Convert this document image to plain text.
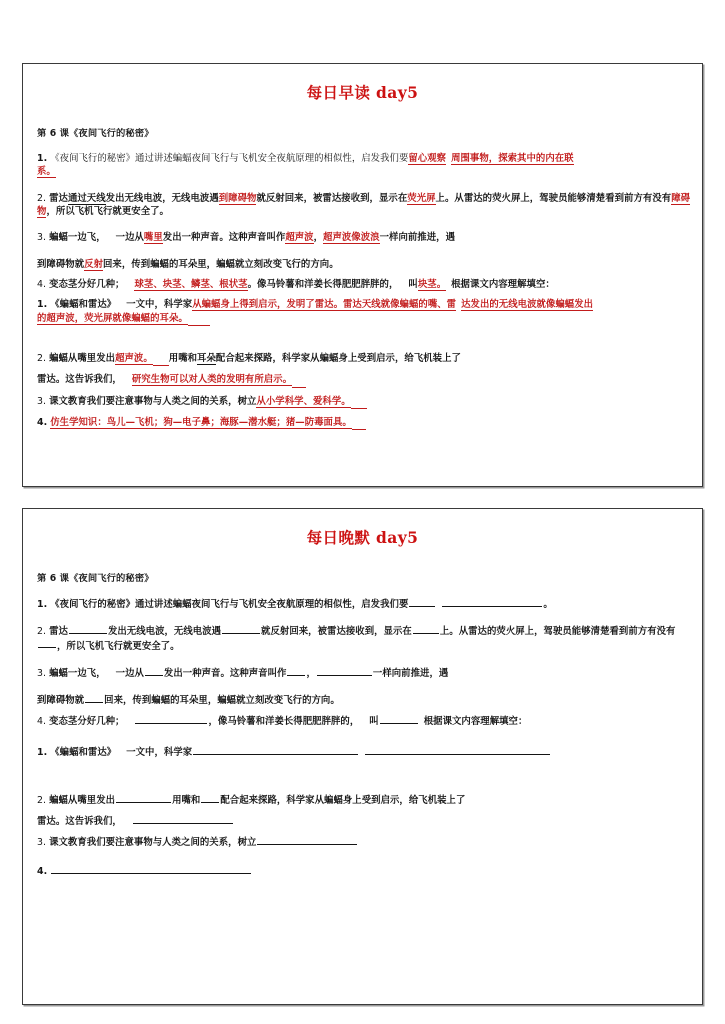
每日早读 day5
第 6 课《夜间飞行的秘密》

1. 《夜间飞行的秘密》通过讲述蝙蝠夜间飞行与飞机安全夜航原理的相似性，启发我们要留心观察 周围事物，探索其中的内在联
系。

2. 雷达通过天线发出无线电波，无线电波遇到障碍物就反射回来，被雷达接收到，显示在荧光屏上。从雷达的荧火屏上，驾驶员能够清楚看到前方有没有障碍物，所以飞机飞行就更安全了。

3. 蝙蝠一边飞， 一边从嘴里发出一种声音。这种声音叫作超声波，超声波像波浪一样向前推进，遇

到障碍物就反射回来，传到蝙蝠的耳朵里，蝙蝠就立刻改变飞行的方向。

4. 变态茎分好几种； 球茎、块茎、鳞茎、根状茎。像马铃薯和洋姜长得肥肥胖胖的， 叫块茎。 根据课文内容理解填空：

1. 《蝙蝠和雷达》 一文中，科学家从蝙蝠身上得到启示，发明了雷达。雷达天线就像蝙蝠的嘴、雷 达发出的无线电波就像蝙蝠发出
的超声波，荧光屏就像蝙蝠的耳朵。

2. 蝙蝠从嘴里发出超声波。 用嘴和耳朵配合起来探路，科学家从蝙蝠身上受到启示，给飞机装上了

雷达。这告诉我们， 研究生物可以对人类的发明有所启示。

3. 课文教育我们要注意事物与人类之间的关系，树立从小学科学、爱科学。

4. 仿生学知识：鸟儿—飞机；狗—电子鼻；海豚—潜水艇；猪—防毒面具。

每日晚默 day5
第 6 课《夜间飞行的秘密》

1. 《夜间飞行的秘密》通过讲述蝙蝠夜间飞行与飞机安全夜航原理的相似性，启发我们要	。

2. 雷达	发出无线电波，无线电波遇	就反射回来，被雷达接收到，显示在	上。从雷达的荧火屏上，驾驶员能够清楚看到前方有没有，所以飞机飞行就更安全了。

3. 蝙蝠一边飞， 一边从 发出一种声音。这种声音叫作 ，	一样向前推进，遇

到障碍物就 回来，传到蝙蝠的耳朵里，蝙蝠就立刻改变飞行的方向。

4. 变态茎分好几种；	，像马铃薯和洋姜长得肥肥胖胖的， 叫	根据课文内容理解填空：

1. 《蝙蝠和雷达》 一文中，科学家

2. 蝙蝠从嘴里发出	用嘴和 配合起来探路，科学家从蝙蝠身上受到启示，给飞机装上了

雷达。这告诉我们，

3. 课文教育我们要注意事物与人类之间的关系，树立

4.
